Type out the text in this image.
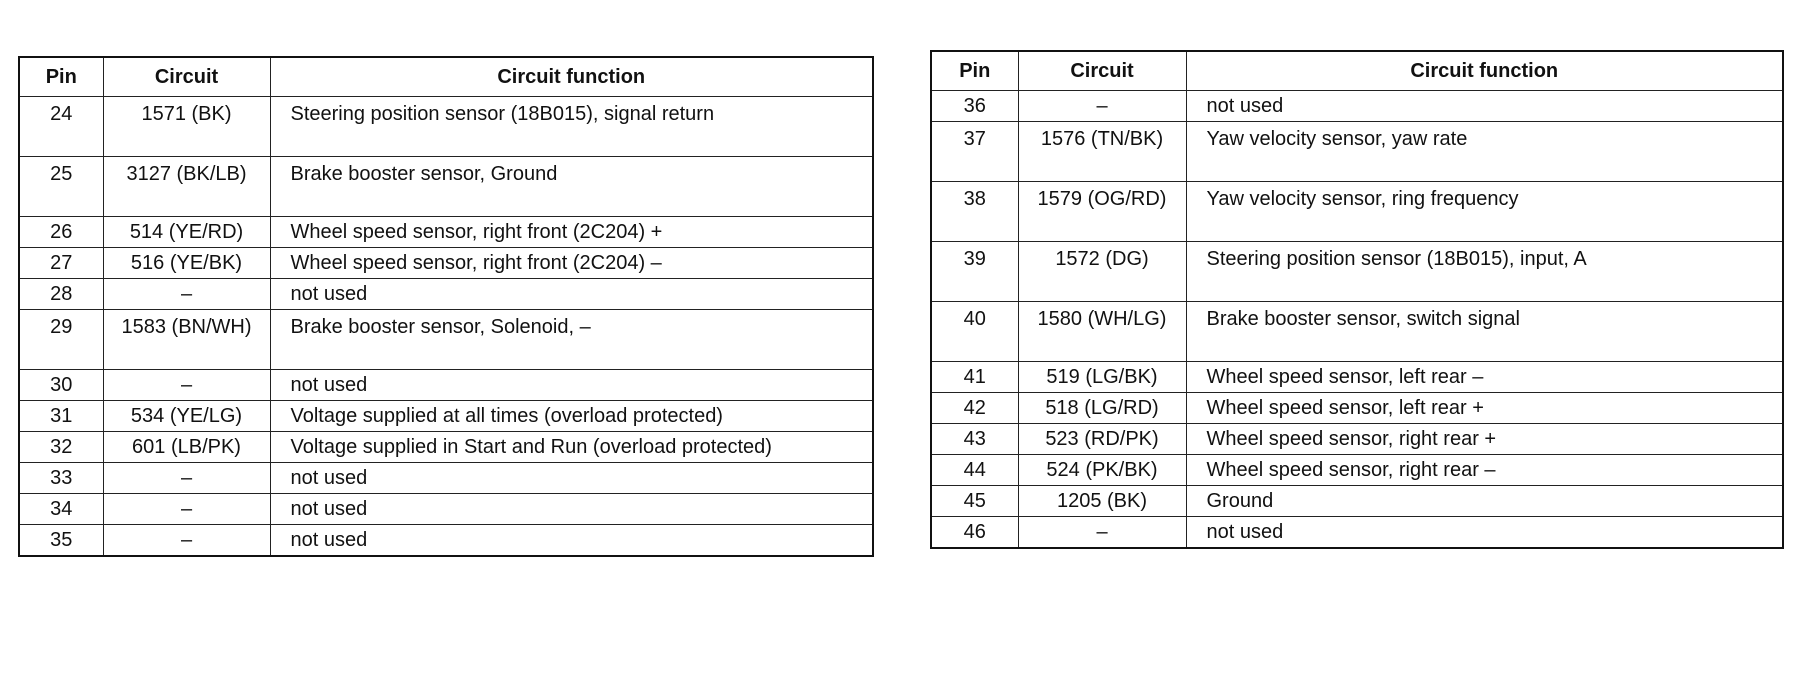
Pin	Circuit	Circuit function
24	1571 (BK)	Steering position sensor (18B015), signal return
25	3127 (BK/LB)	Brake booster sensor, Ground
26	514 (YE/RD)	Wheel speed sensor, right front (2C204) +
27	516 (YE/BK)	Wheel speed sensor, right front (2C204) –
28	–	not used
29	1583 (BN/WH)	Brake booster sensor, Solenoid, –
30	–	not used
31	534 (YE/LG)	Voltage supplied at all times (overload protected)
32	601 (LB/PK)	Voltage supplied in Start and Run (overload protected)
33	–	not used
34	–	not used
35	–	not used
Pin	Circuit	Circuit function
36	–	not used
37	1576 (TN/BK)	Yaw velocity sensor, yaw rate
38	1579 (OG/RD)	Yaw velocity sensor, ring frequency
39	1572 (DG)	Steering position sensor (18B015), input, A
40	1580 (WH/LG)	Brake booster sensor, switch signal
41	519 (LG/BK)	Wheel speed sensor, left rear –
42	518 (LG/RD)	Wheel speed sensor, left rear +
43	523 (RD/PK)	Wheel speed sensor, right rear +
44	524 (PK/BK)	Wheel speed sensor, right rear –
45	1205 (BK)	Ground
46	–	not used
